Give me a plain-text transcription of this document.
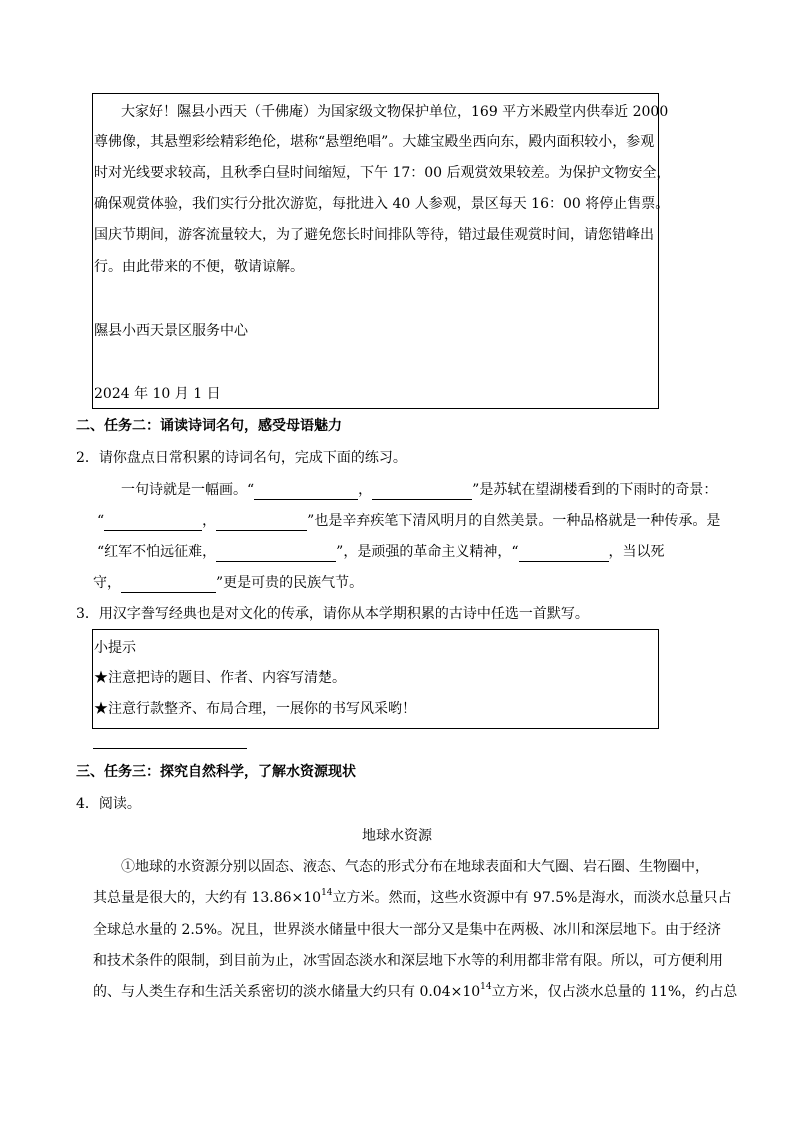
大家好！隰县小西天（千佛庵）为国家级文物保护单位，169 平方米殿堂内供奉近 2000
尊佛像，其悬塑彩绘精彩绝伦，堪称“悬塑绝唱”。大雄宝殿坐西向东，殿内面积较小，参观
时对光线要求较高，且秋季白昼时间缩短，下午 17：00 后观赏效果较差。为保护文物安全，
确保观赏体验，我们实行分批次游览，每批进入 40 人参观，景区每天 16：00 将停止售票。
国庆节期间，游客流量较大，为了避免您长时间排队等待，错过最佳观赏时间，请您错峰出
行。由此带来的不便，敬请谅解。
隰县小西天景区服务中心
2024 年 10 月 1 日
二、任务二：诵读诗词名句，感受母语魅力
2．请你盘点日常积累的诗词名句，完成下面的练习。
一句诗就是一幅画。“	，	”是苏轼在望湖楼看到的下雨时的奇景：
“	，	”也是辛弃疾笔下清风明月的自然美景。一种品格就是一种传承。是
“红军不怕远征难，	”，是顽强的革命主义精神，“	，当以死
守，	”更是可贵的民族气节。
3．用汉字誊写经典也是对文化的传承，请你从本学期积累的古诗中任选一首默写。
小提示
★注意把诗的题目、作者、内容写清楚。
★注意行款整齐、布局合理，一展你的书写风采哟！
三、任务三：探究自然科学，了解水资源现状
4．阅读。
地球水资源
①地球的水资源分别以固态、液态、气态的形式分布在地球表面和大气圈、岩石圈、生物圈中，
其总量是很大的，大约有 $13.86\times 10^{14}$立方米。然而，这些水资源中有 97.5%是海水，而淡水总量只占
全球总水量的 2.5%。况且，世界淡水储量中很大一部分又是集中在两极、冰川和深层地下。由于经济
和技术条件的限制，到目前为止，冰雪固态淡水和深层地下水等的利用都非常有限。所以，可方便利用
的、与人类生存和生活关系密切的淡水储量大约只有 $0.04\times 10^{14}$立方米，仅占淡水总量的 11%，约占总
